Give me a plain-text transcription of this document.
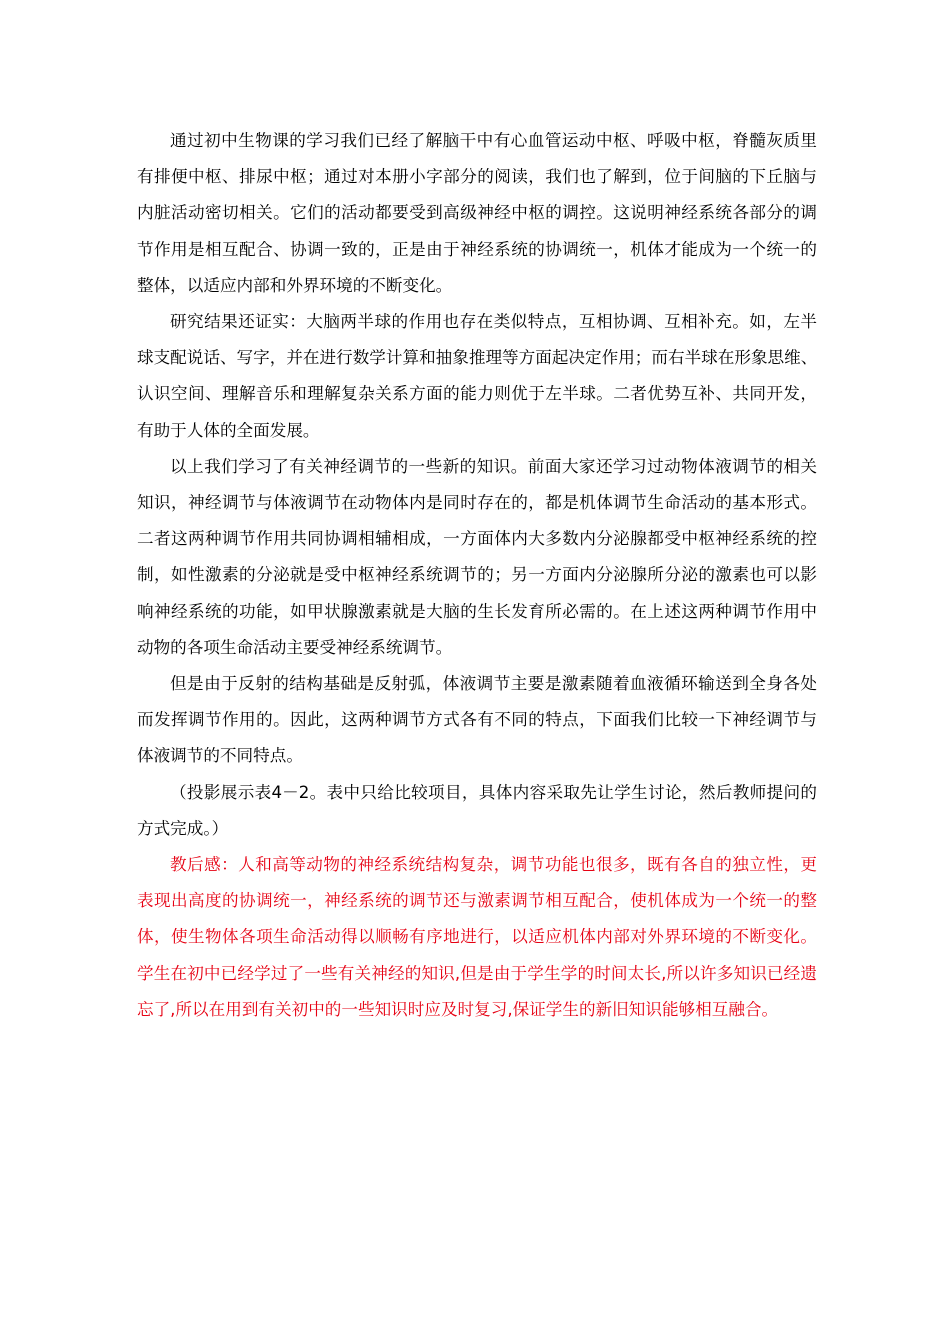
通过初中生物课的学习我们已经了解脑干中有心血管运动中枢、呼吸中枢，脊髓灰质里
有排便中枢、排尿中枢；通过对本册小字部分的阅读，我们也了解到，位于间脑的下丘脑与
内脏活动密切相关。它们的活动都要受到高级神经中枢的调控。这说明神经系统各部分的调
节作用是相互配合、协调一致的，正是由于神经系统的协调统一，机体才能成为一个统一的
整体，以适应内部和外界环境的不断变化。

研究结果还证实：大脑两半球的作用也存在类似特点，互相协调、互相补充。如，左半
球支配说话、写字，并在进行数学计算和抽象推理等方面起决定作用；而右半球在形象思维、
认识空间、理解音乐和理解复杂关系方面的能力则优于左半球。二者优势互补、共同开发，
有助于人体的全面发展。

以上我们学习了有关神经调节的一些新的知识。前面大家还学习过动物体液调节的相关
知识，神经调节与体液调节在动物体内是同时存在的，都是机体调节生命活动的基本形式。
二者这两种调节作用共同协调相辅相成，一方面体内大多数内分泌腺都受中枢神经系统的控
制，如性激素的分泌就是受中枢神经系统调节的；另一方面内分泌腺所分泌的激素也可以影
响神经系统的功能，如甲状腺激素就是大脑的生长发育所必需的。在上述这两种调节作用中
动物的各项生命活动主要受神经系统调节。

但是由于反射的结构基础是反射弧，体液调节主要是激素随着血液循环输送到全身各处
而发挥调节作用的。因此，这两种调节方式各有不同的特点，下面我们比较一下神经调节与
体液调节的不同特点。

（投影展示表4－2。表中只给比较项目，具体内容采取先让学生讨论，然后教师提问的
方式完成。）

教后感：人和高等动物的神经系统结构复杂，调节功能也很多，既有各自的独立性，更
表现出高度的协调统一，神经系统的调节还与激素调节相互配合，使机体成为一个统一的整
体，使生物体各项生命活动得以顺畅有序地进行，以适应机体内部对外界环境的不断变化。
学生在初中已经学过了一些有关神经的知识,但是由于学生学的时间太长,所以许多知识已经遗
忘了,所以在用到有关初中的一些知识时应及时复习,保证学生的新旧知识能够相互融合。
